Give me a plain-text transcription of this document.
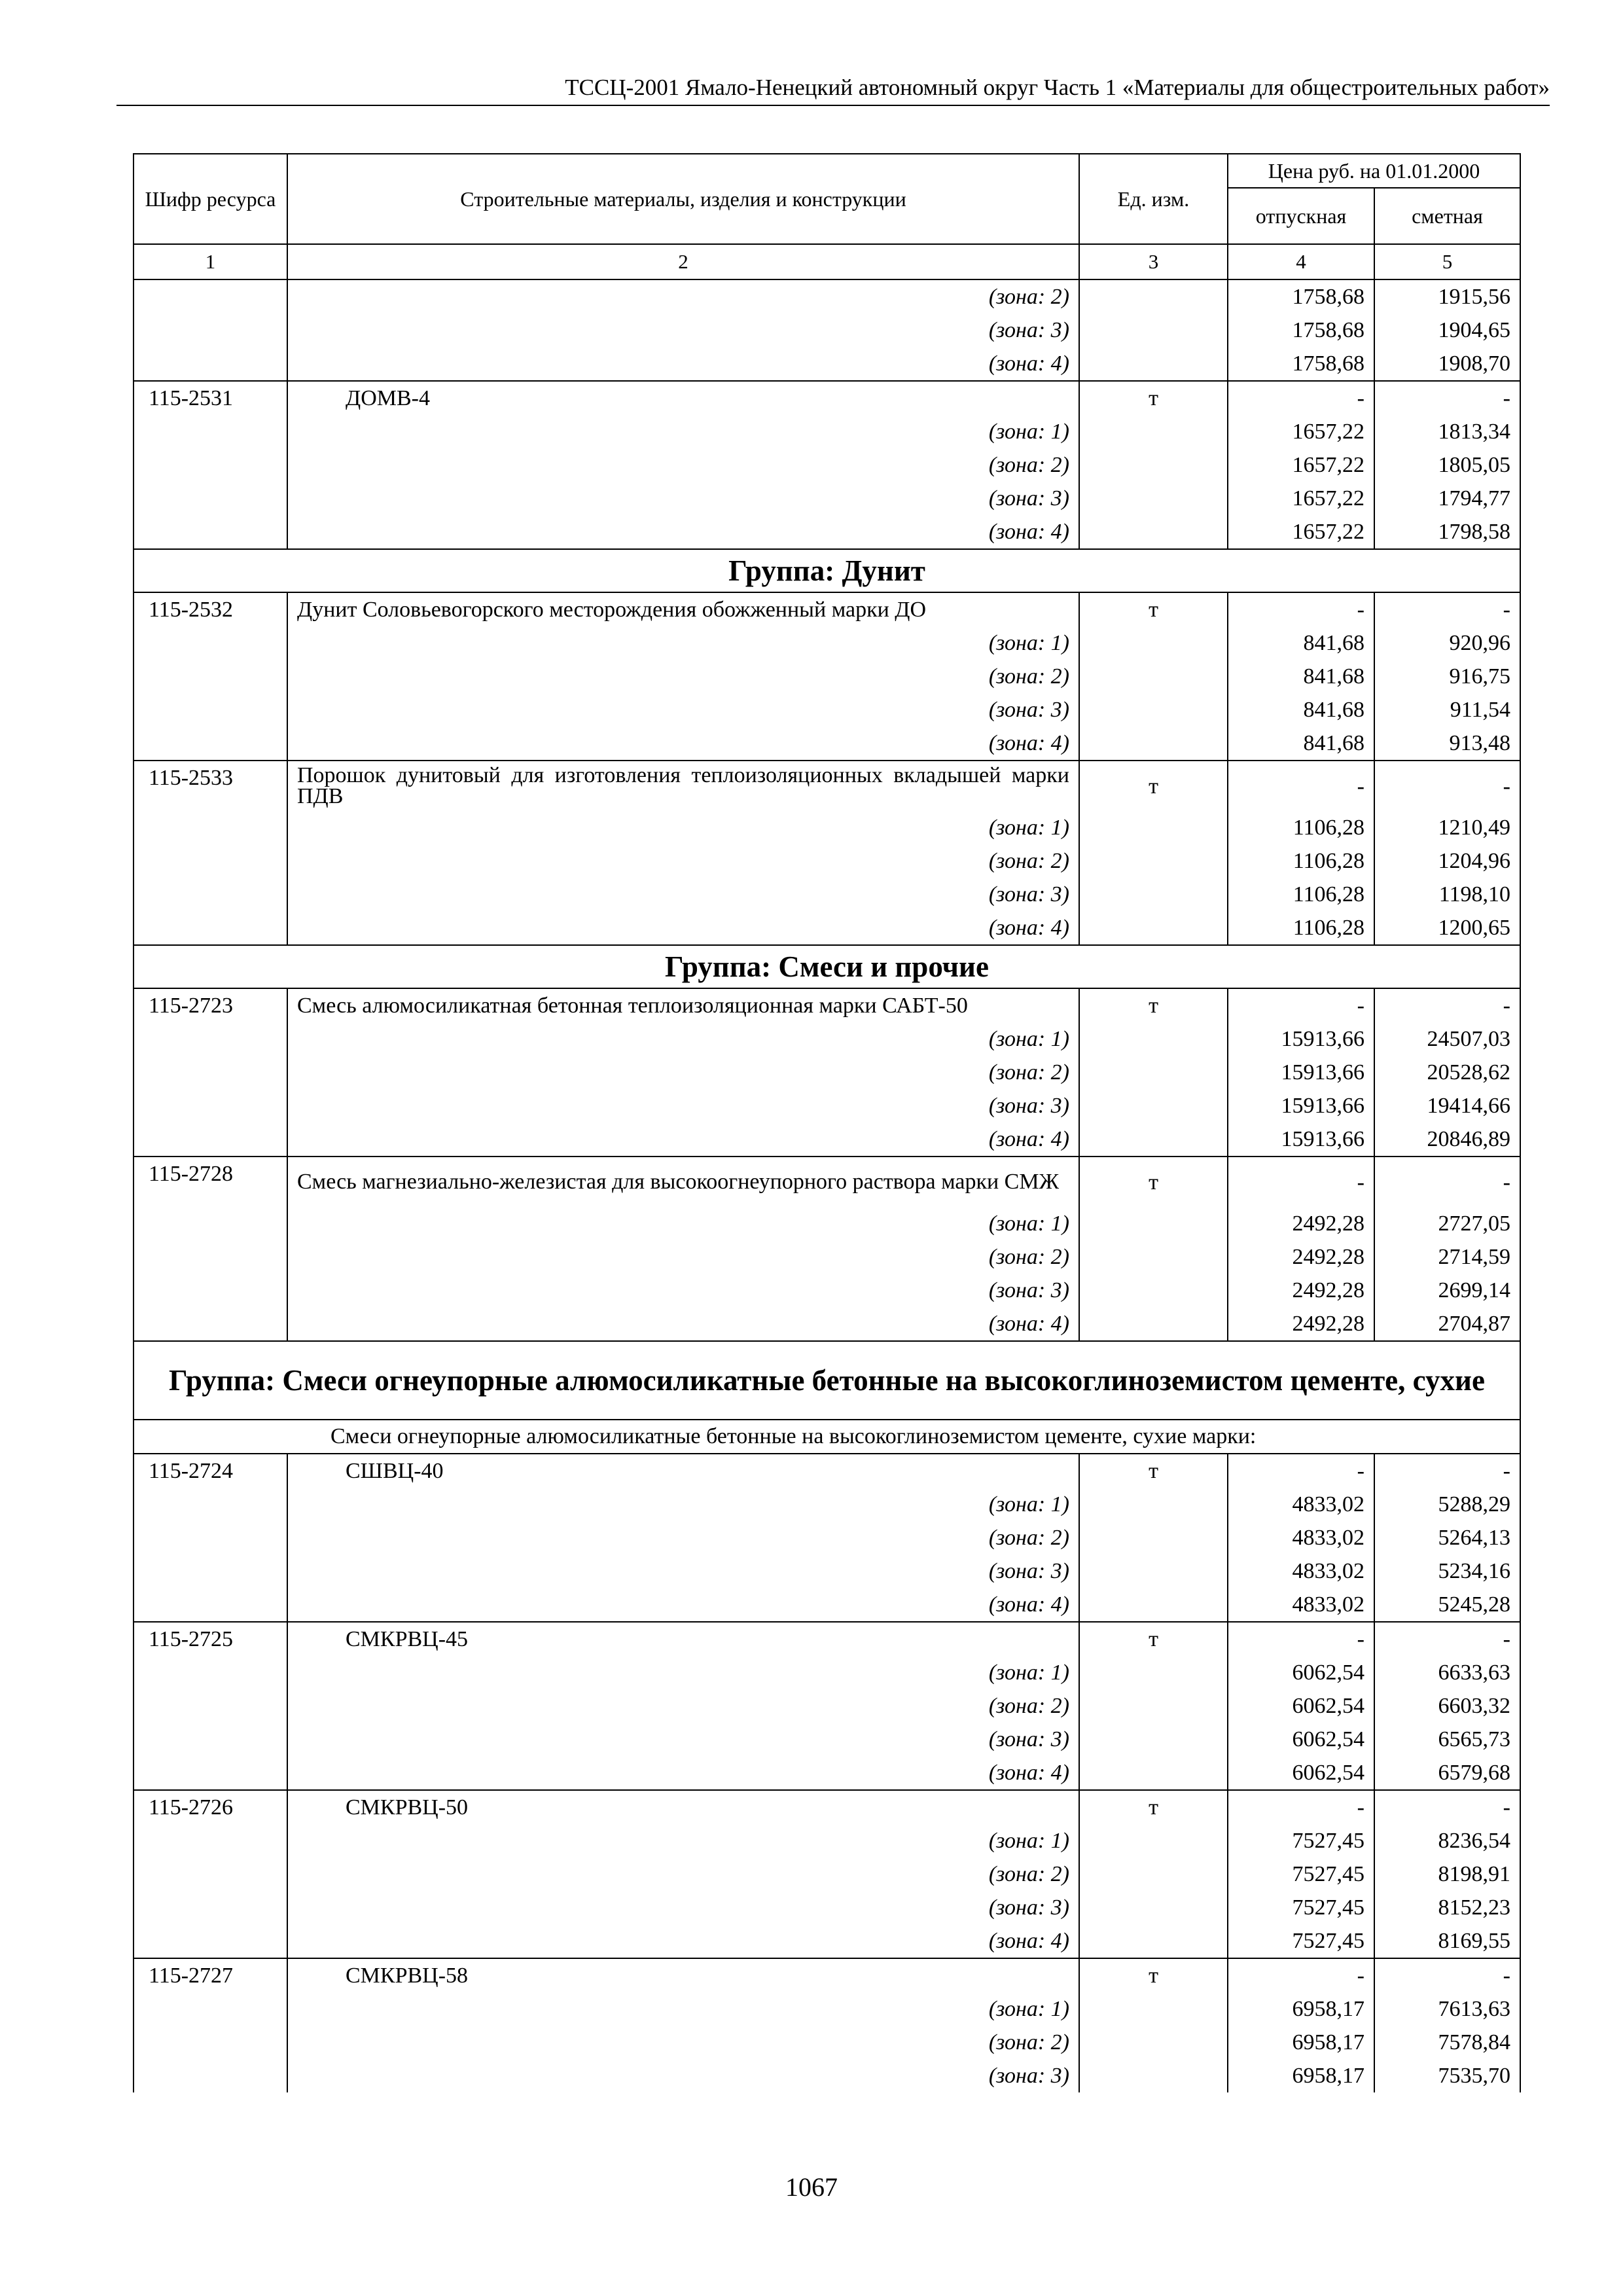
ТССЦ-2001 Ямало-Ненецкий автономный округ Часть 1 «Материалы для общестроительных работ»
Шифр ресурса	Строительные материалы, изделия и конструкции	Ед. изм.	Цена руб. на 01.01.2000	
			отпускная	сметная
1	2	3	4	5
	(зона: 2)		1758,68	1915,56
	(зона: 3)		1758,68	1904,65
	(зона: 4)		1758,68	1908,70
115-2531	ДОМВ-4	т	-	-
	(зона: 1)		1657,22	1813,34
	(зона: 2)		1657,22	1805,05
	(зона: 3)		1657,22	1794,77
	(зона: 4)		1657,22	1798,58
Группа: Дунит				
115-2532	Дунит Соловьевогорского месторождения обожженный марки ДО	т	-	-
	(зона: 1)		841,68	920,96
	(зона: 2)		841,68	916,75
	(зона: 3)		841,68	911,54
	(зона: 4)		841,68	913,48
115-2533	Порошок дунитовый для изготовления теплоизоляционных вкладышей марки ПДВ	т	-	-
	(зона: 1)		1106,28	1210,49
	(зона: 2)		1106,28	1204,96
	(зона: 3)		1106,28	1198,10
	(зона: 4)		1106,28	1200,65
Группа: Смеси и прочие				
115-2723	Смесь алюмосиликатная бетонная теплоизоляционная марки САБТ-50	т	-	-
	(зона: 1)		15913,66	24507,03
	(зона: 2)		15913,66	20528,62
	(зона: 3)		15913,66	19414,66
	(зона: 4)		15913,66	20846,89
115-2728	Смесь магнезиально-железистая для высокоогнеупорного раствора марки СМЖ	т	-	-
	(зона: 1)		2492,28	2727,05
	(зона: 2)		2492,28	2714,59
	(зона: 3)		2492,28	2699,14
	(зона: 4)		2492,28	2704,87
Группа: Смеси огнеупорные алюмосиликатные бетонные на высокоглиноземистом цементе, сухие				
Смеси огнеупорные алюмосиликатные бетонные на высокоглиноземистом цементе, сухие марки:				
115-2724	СШВЦ-40	т	-	-
	(зона: 1)		4833,02	5288,29
	(зона: 2)		4833,02	5264,13
	(зона: 3)		4833,02	5234,16
	(зона: 4)		4833,02	5245,28
115-2725	СМКРВЦ-45	т	-	-
	(зона: 1)		6062,54	6633,63
	(зона: 2)		6062,54	6603,32
	(зона: 3)		6062,54	6565,73
	(зона: 4)		6062,54	6579,68
115-2726	СМКРВЦ-50	т	-	-
	(зона: 1)		7527,45	8236,54
	(зона: 2)		7527,45	8198,91
	(зона: 3)		7527,45	8152,23
	(зона: 4)		7527,45	8169,55
115-2727	СМКРВЦ-58	т	-	-
	(зона: 1)		6958,17	7613,63
	(зона: 2)		6958,17	7578,84
	(зона: 3)		6958,17	7535,70
1067
